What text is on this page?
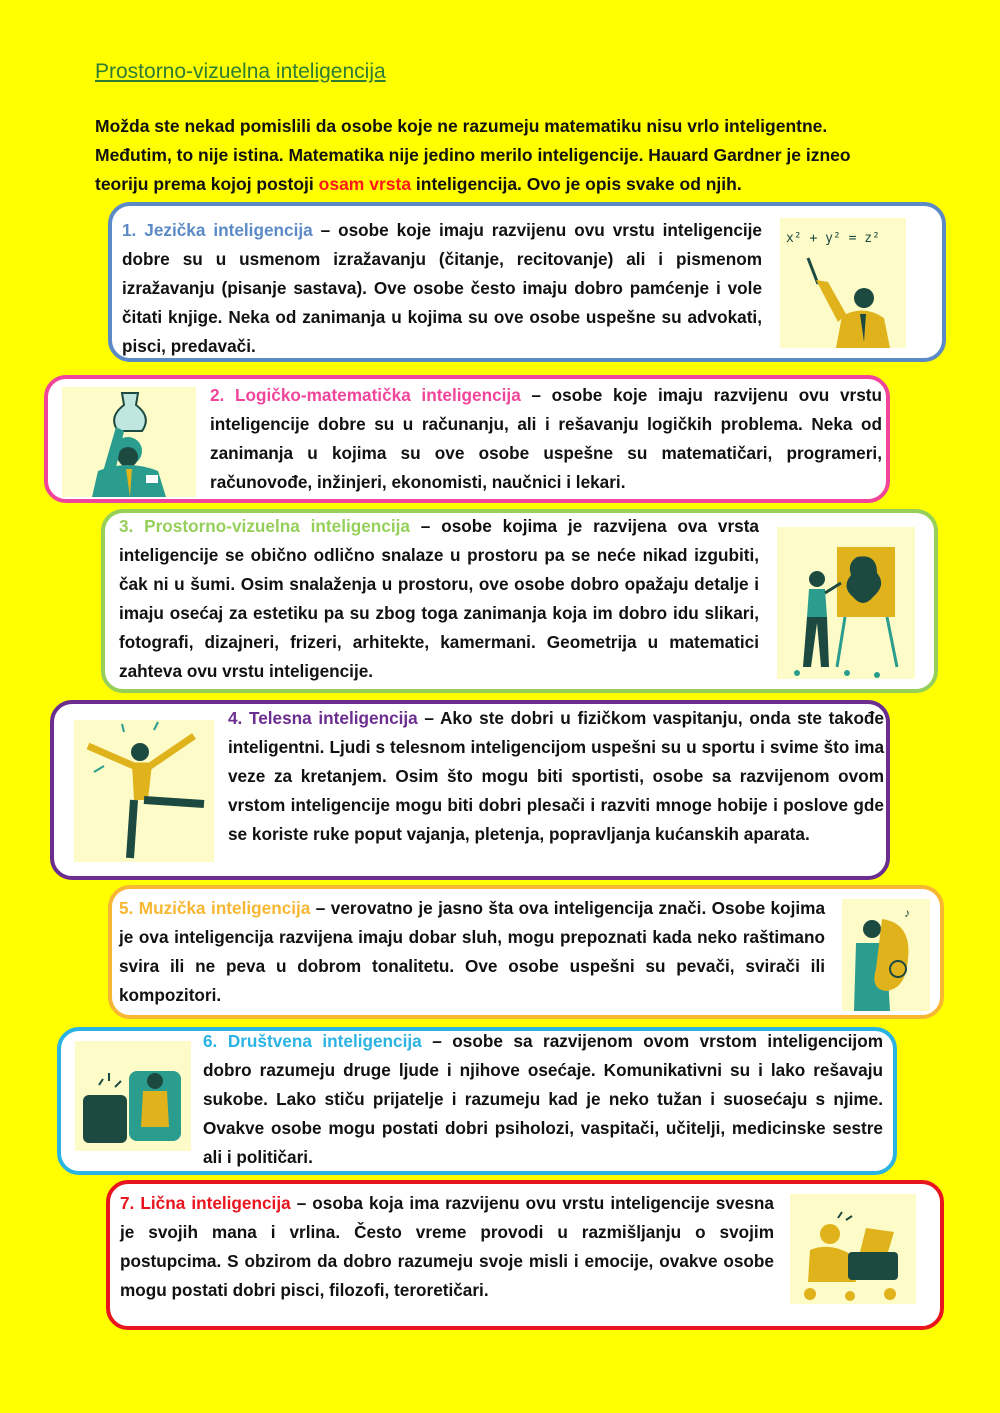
Prostorno-vizuelna inteligencija

Možda ste nekad pomislili da osobe koje ne razumeju matematiku nisu vrlo inteligentne. Međutim, to nije istina. Matematika nije jedino merilo inteligencije. Hauard Gardner je izneo teoriju prema kojoj postoji osam vrsta inteligencija. Ovo je opis svake od njih.

1. Jezička inteligencija – osobe koje imaju razvijenu ovu vrstu inteligencije dobre su u usmenom izražavanju (čitanje, recitovanje) ali i pismenom izražavanju (pisanje sastava). Ove osobe često imaju dobro pamćenje i vole čitati knjige. Neka od zanimanja u kojima su ove osobe uspešne su advokati, pisci, predavači.

x² + y² = z²

2. Logičko-matematička inteligencija – osobe koje imaju razvijenu ovu vrstu inteligencije dobre su u računanju, ali i rešavanju logičkih problema. Neka od zanimanja u kojima su ove osobe uspešne su matematičari, programeri, računovođe, inžinjeri, ekonomisti, naučnici i lekari.

3. Prostorno-vizuelna inteligencija – osobe kojima je razvijena ova vrsta inteligencije se obično odlično snalaze u prostoru pa se neće nikad izgubiti, čak ni u šumi. Osim snalaženja u prostoru, ove osobe dobro opažaju detalje i imaju osećaj za estetiku pa su zbog toga zanimanja koja im dobro idu slikari, fotografi, dizajneri, frizeri, arhitekte, kamermani. Geometrija u matematici zahteva ovu vrstu inteligencije.

4. Telesna inteligencija – Ako ste dobri u fizičkom vaspitanju, onda ste takođe inteligentni. Ljudi s telesnom inteligencijom uspešni su u sportu i svime što ima veze za kretanjem. Osim što mogu biti sportisti, osobe sa razvijenom ovom vrstom inteligencije mogu biti dobri plesači i razviti mnoge hobije i poslove gde se koriste ruke poput vajanja, pletenja, popravljanja kućanskih aparata.

5. Muzička inteligencija – verovatno je jasno šta ova inteligencija znači. Osobe kojima je ova inteligencija razvijena imaju dobar sluh, mogu prepoznati kada neko raštimano svira ili ne peva u dobrom tonalitetu. Ove osobe uspešni su pevači, svirači ili kompozitori.

♪

6. Društvena inteligencija – osobe sa razvijenom ovom vrstom inteligencijom dobro razumeju druge ljude i njihove osećaje. Komunikativni su i lako rešavaju sukobe. Lako stiču prijatelje i razumeju kad je neko tužan i suosećaju s njime. Ovakve osobe mogu postati dobri psiholozi, vaspitači, učitelji, medicinske sestre ali i političari.

7. Lična inteligencija – osoba koja ima razvijenu ovu vrstu inteligencije svesna je svojih mana i vrlina. Često vreme provodi u razmišljanju o svojim postupcima. S obzirom da dobro razumeju svoje misli i emocije, ovakve osobe mogu postati dobri pisci, filozofi, teroretičari.
